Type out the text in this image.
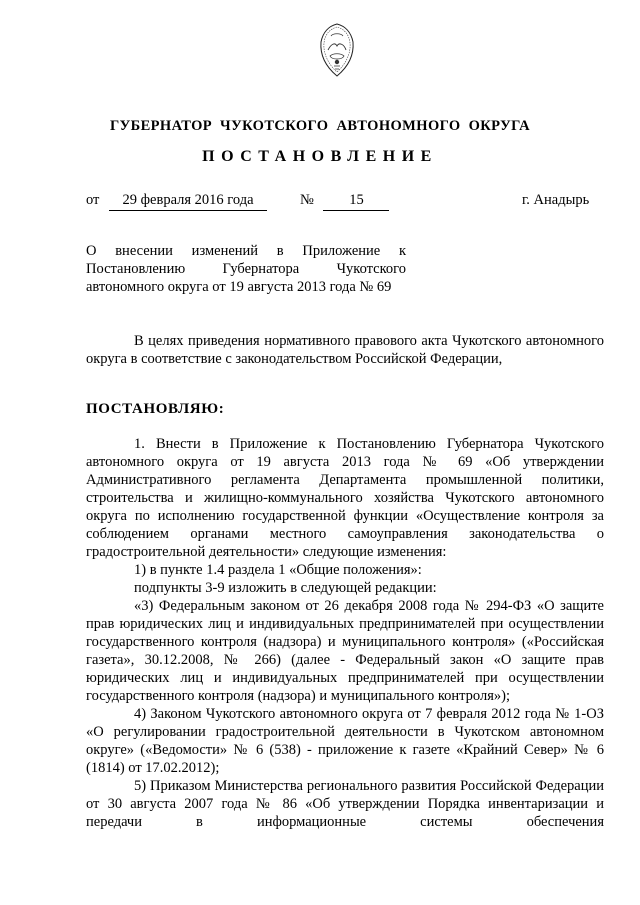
ГУБЕРНАТОР ЧУКОТСКОГО АВТОНОМНОГО ОКРУГА
ПОСТАНОВЛЕНИЕ
от 29 февраля 2016 года	№ 15	г. Анадырь
О внесении изменений в Приложение к Постановлению Губернатора Чукотского автономного округа от 19 августа 2013 года № 69

В целях приведения нормативного правового акта Чукотского автономного округа в соответствие с законодательством Российской Федерации,

ПОСТАНОВЛЯЮ:

1. Внести в Приложение к Постановлению Губернатора Чукотского автономного округа от 19 августа 2013 года № 69 «Об утверждении Административного регламента Департамента промышленной политики, строительства и жилищно-коммунального хозяйства Чукотского автономного округа по исполнению государственной функции «Осуществление контроля за соблюдением органами местного самоуправления законодательства о градостроительной деятельности» следующие изменения:

1) в пункте 1.4 раздела 1 «Общие положения»:

подпункты 3-9 изложить в следующей редакции:

«3) Федеральным законом от 26 декабря 2008 года № 294-ФЗ «О защите прав юридических лиц и индивидуальных предпринимателей при осуществлении государственного контроля (надзора) и муниципального контроля» («Российская газета», 30.12.2008, № 266) (далее - Федеральный закон «О защите прав юридических лиц и индивидуальных предпринимателей при осуществлении государственного контроля (надзора) и муниципального контроля»);

4) Законом Чукотского автономного округа от 7 февраля 2012 года № 1-ОЗ «О регулировании градостроительной деятельности в Чукотском автономном округе» («Ведомости» № 6 (538) - приложение к газете «Крайний Север» № 6 (1814) от 17.02.2012);

5) Приказом Министерства регионального развития Российской Федерации от 30 августа 2007 года № 86 «Об утверждении Порядка инвентаризации и передачи в информационные системы обеспечения
